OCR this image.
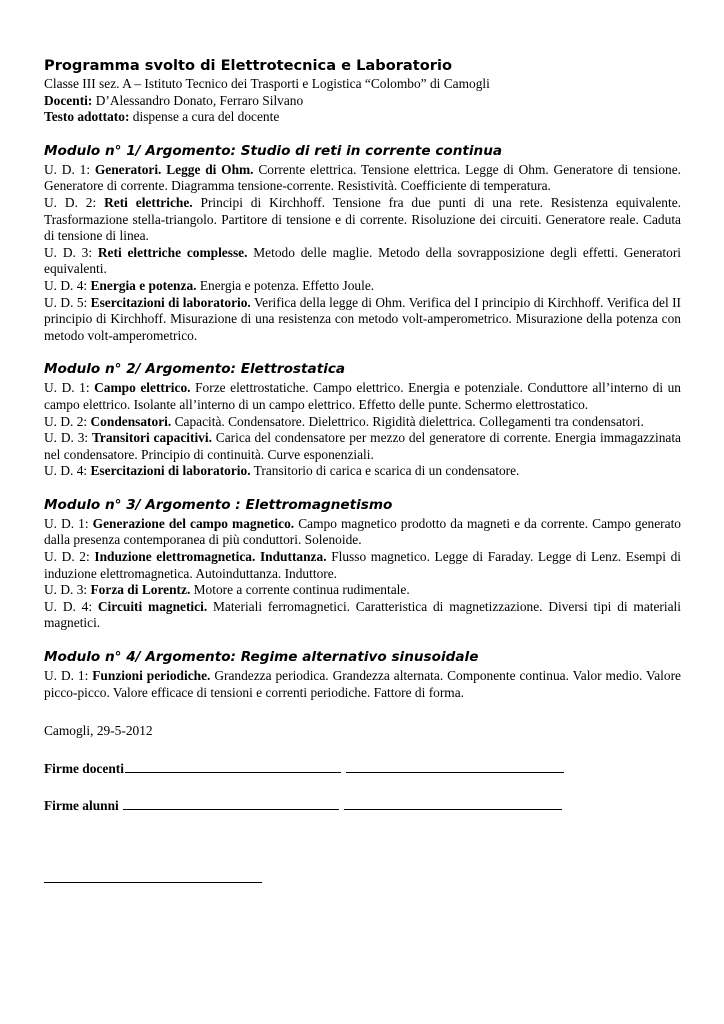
Programma svolto di Elettrotecnica e Laboratorio

Classe III sez. A – Istituto Tecnico dei Trasporti e Logistica “Colombo” di Camogli

Docenti: D’Alessandro Donato, Ferraro Silvano

Testo adottato: dispense a cura del docente

Modulo n° 1/ Argomento: Studio di reti in corrente continua

U. D. 1: Generatori. Legge di Ohm. Corrente elettrica. Tensione elettrica. Legge di Ohm. Generatore di tensione. Generatore di corrente. Diagramma tensione-corrente. Resistività. Coefficiente di temperatura.

U. D. 2: Reti elettriche. Principi di Kirchhoff. Tensione fra due punti di una rete. Resistenza equivalente. Trasformazione stella-triangolo. Partitore di tensione e di corrente. Risoluzione dei circuiti. Generatore reale. Caduta di tensione di linea.

U. D. 3: Reti elettriche complesse. Metodo delle maglie. Metodo della sovrapposizione degli effetti. Generatori equivalenti.

U. D. 4: Energia e potenza. Energia e potenza. Effetto Joule.

U. D. 5: Esercitazioni di laboratorio. Verifica della legge di Ohm. Verifica del I principio di Kirchhoff. Verifica del II principio di Kirchhoff. Misurazione di una resistenza con metodo volt-amperometrico. Misurazione della potenza con metodo volt-amperometrico.

Modulo n° 2/ Argomento: Elettrostatica

U. D. 1: Campo elettrico. Forze elettrostatiche. Campo elettrico. Energia e potenziale. Conduttore all’interno di un campo elettrico. Isolante all’interno di un campo elettrico. Effetto delle punte. Schermo elettrostatico.

U. D. 2: Condensatori. Capacità. Condensatore. Dielettrico. Rigidità dielettrica. Collegamenti tra condensatori.

U. D. 3: Transitori capacitivi. Carica del condensatore per mezzo del generatore di corrente. Energia immagazzinata nel condensatore. Principio di continuità. Curve esponenziali.

U. D. 4: Esercitazioni di laboratorio. Transitorio di carica e scarica di un condensatore.

Modulo n° 3/ Argomento : Elettromagnetismo

U. D. 1: Generazione del campo magnetico. Campo magnetico prodotto da magneti e da corrente. Campo generato dalla presenza contemporanea di più conduttori. Solenoide.

U. D. 2: Induzione elettromagnetica. Induttanza. Flusso magnetico. Legge di Faraday. Legge di Lenz. Esempi di induzione elettromagnetica. Autoinduttanza. Induttore.

U. D. 3: Forza di Lorentz. Motore a corrente continua rudimentale.

U. D. 4: Circuiti magnetici. Materiali ferromagnetici. Caratteristica di magnetizzazione. Diversi tipi di materiali magnetici.

Modulo n° 4/ Argomento: Regime alternativo sinusoidale

U. D. 1: Funzioni periodiche. Grandezza periodica. Grandezza alternata. Componente continua. Valor medio. Valore picco-picco. Valore efficace di tensioni e correnti periodiche. Fattore di forma.

Camogli, 29-5-2012

Firme docenti

Firme alunni
